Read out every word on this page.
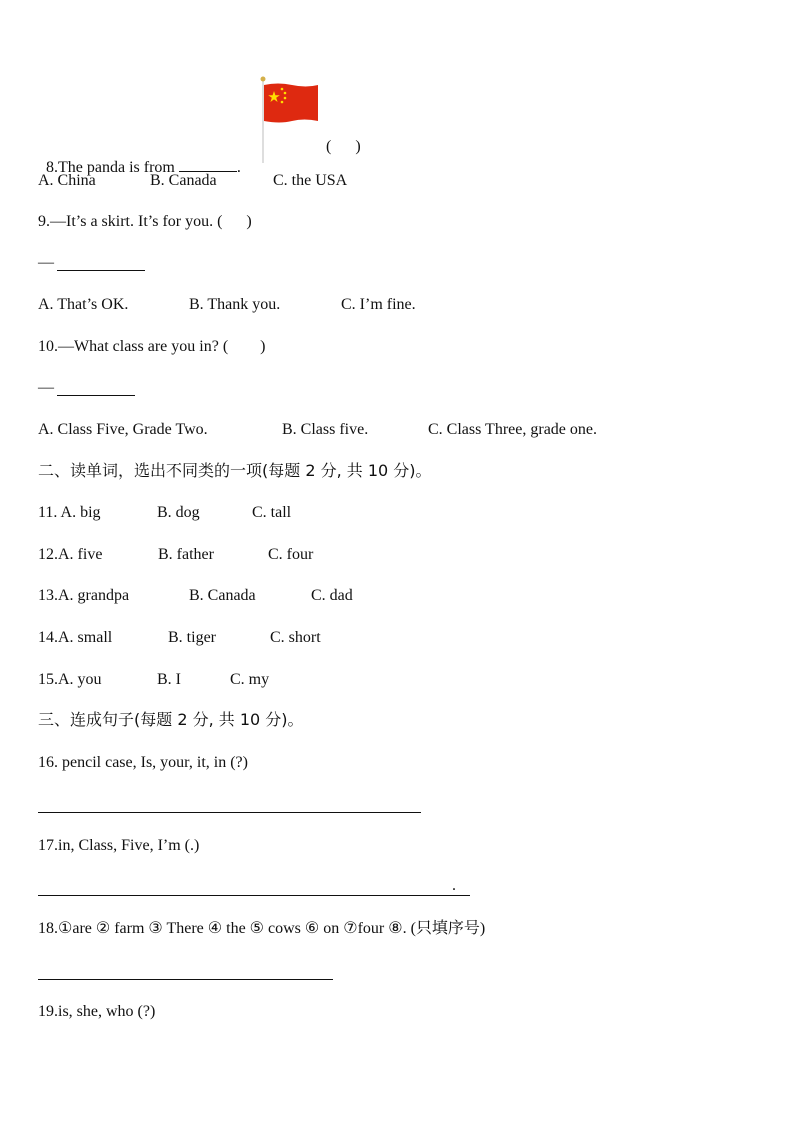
8.The panda is from	.

(      )
A. China	B. Canada	C. the USA
9.—It’s a skirt. It’s for you. (      )
—
A. That’s OK.	B. Thank you.	C. I’m fine.
10.—What class are you in? (        )
—
A. Class Five, Grade Two.	B. Class five.	C. Class Three, grade one.
二、读单词，选出不同类的一项(每题 2 分, 共 10 分)。
11. A. big	B. dog	C. tall
12.A. five	B. father	C. four
13.A. grandpa	B. Canada	C. dad
14.A. small	B. tiger	C. short
15.A. you	B. I	C. my
三、连成句子(每题 2 分, 共 10 分)。
16. pencil case, Is, your, it, in (?)
17.in, Class, Five, I’m (.)
.
18.①are ② farm ③ There ④ the ⑤ cows ⑥ on ⑦four ⑧. (只填序号)
19.is, she, who (?)
